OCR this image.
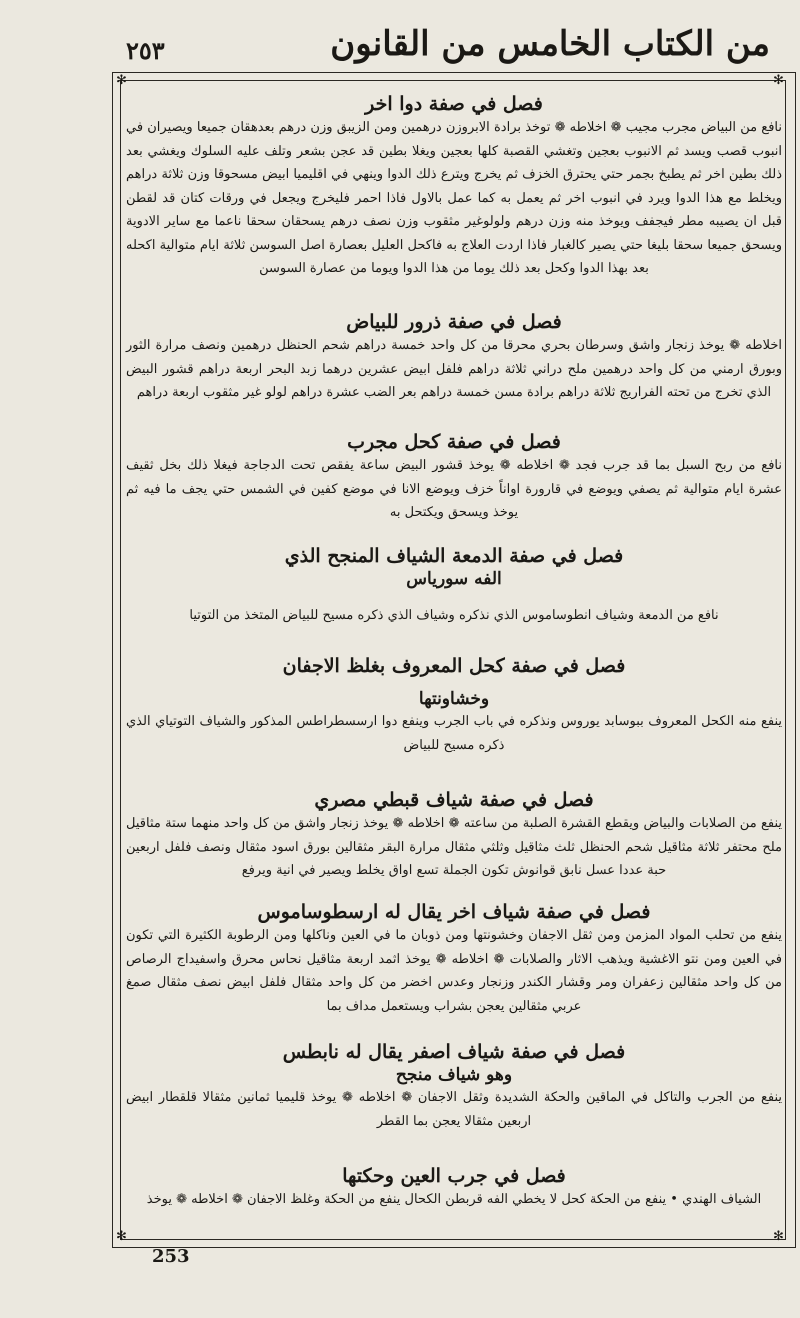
٢٥٣	من الكتاب الخامس من القانون
✻	✻
✻	✻
فصل في صفة دوا اخر
نافع من البياض مجرب مجيب ❁ اخلاطه ❁ توخذ برادة الابروزن درهمين ومن الزيبق وزن درهم بعدهقان جميعا ويصيران في انبوب قصب ويسد ثم الانبوب بعجين وتغشي القصبة كلها بعجين ويغلا بطين قد عجن بشعر وتلف عليه السلوك ويغشي بعد ذلك بطين اخر ثم يطبخ بجمر حتي يحترق الخزف ثم يخرج ويترع ذلك الدوا وينهي في اقليميا ابيض مسحوقا وزن ثلاثة دراهم ويخلط مع هذا الدوا ويرد في انبوب اخر ثم يعمل به كما عمل بالاول فاذا احمر فليخرج ويجعل في ورقات كتان قد لقطن قبل ان يصيبه مطر فيجفف ويوخذ منه وزن درهم ولولوغير مثقوب وزن نصف درهم يسحقان سحقا ناعما مع ساير الادوية ويسحق جميعا سحقا بليغا حتي يصير كالغبار فاذا اردت العلاج به فاكحل العليل بعصارة اصل السوسن ثلاثة ايام متوالية اكحله بعد بهذا الدوا وكحل بعد ذلك يوما من هذا الدوا ويوما من عصارة السوسن
فصل في صفة ذرور للبياض
اخلاطه ❁ يوخذ زنجار واشق وسرطان بحري محرقا من كل واحد خمسة دراهم شحم الحنظل درهمين ونصف مرارة الثور وبورق ارمني من كل واحد درهمين ملح دراني ثلاثة دراهم فلفل ابيض عشرين درهما زبد البحر اربعة دراهم قشور البيض الذي تخرج من تحته الفراريج ثلاثة دراهم برادة مسن خمسة دراهم بعر الضب عشرة دراهم لولو غير مثقوب اربعة دراهم
فصل في صفة كحل مجرب
نافع من ربح السبل بما قد جرب فجد ❁ اخلاطه ❁ يوخذ قشور البيض ساعة يفقص تحت الدجاجة فيغلا ذلك بخل ثقيف عشرة ايام متوالية ثم يصفي ويوضع في قارورة اواناً خزف ويوضع الانا في موضع كفين في الشمس حتي يجف ما فيه ثم يوخذ ويسحق ويكتحل به
فصل في صفة الدمعة الشياف المنجح الذي
الفه سورياس
نافع من الدمعة وشياف انطوساموس الذي نذكره وشياف الذي ذكره مسيح للبياض المتخذ من التوتيا
فصل في صفة كحل المعروف بغلظ الاجفان
وخشاونتها
ينفع منه الكحل المعروف ببوسابد يوروس ونذكره في باب الجرب وينفع دوا ارسسطراطس المذكور والشياف التوتياي الذي ذكره مسيح للبياض
فصل في صفة شياف قبطي مصري
ينفع من الصلابات والبياض ويقطع القشرة الصلبة من ساعته ❁ اخلاطه ❁ يوخذ زنجار واشق من كل واحد منهما ستة مثاقيل ملح محتفر ثلاثة مثاقيل شحم الحنظل ثلث مثاقيل وثلثي مثقال مرارة البقر مثقالين بورق اسود مثقال ونصف فلفل اربعين حبة عددا عسل نابق قوانوش تكون الجملة تسع اواق يخلط ويصير في انية ويرفع
فصل في صفة شياف اخر يقال له ارسطوساموس
ينفع من تحلب المواد المزمن ومن ثقل الاجفان وخشونتها ومن ذوبان ما في العين وناكلها ومن الرطوبة الكثيرة التي تكون في العين ومن نتو الاغشية ويذهب الاثار والصلابات ❁ اخلاطه ❁ يوخذ اثمد اربعة مثاقيل نحاس محرق واسفيداج الرصاص من كل واحد مثقالين زعفران ومر وقشار الكندر وزنجار وعدس اخضر من كل واحد مثقال فلفل ابيض نصف مثقال صمغ عربي مثقالين يعجن بشراب ويستعمل مداف بما
فصل في صفة شياف اصفر يقال له نابطس
وهو شياف منجح
ينفع من الجرب والتاكل في الماقين والحكة الشديدة وثقل الاجفان ❁ اخلاطه ❁ يوخذ قليميا ثمانين مثقالا قلقطار ابيض اربعين مثقالا يعجن بما القطر
فصل في جرب العين وحكتها
الشياف الهندي • ينفع من الحكة كحل لا يخطي الفه قربطن الكحال ينفع من الحكة وغلظ الاجفان ❁ اخلاطه ❁ يوخذ
253
